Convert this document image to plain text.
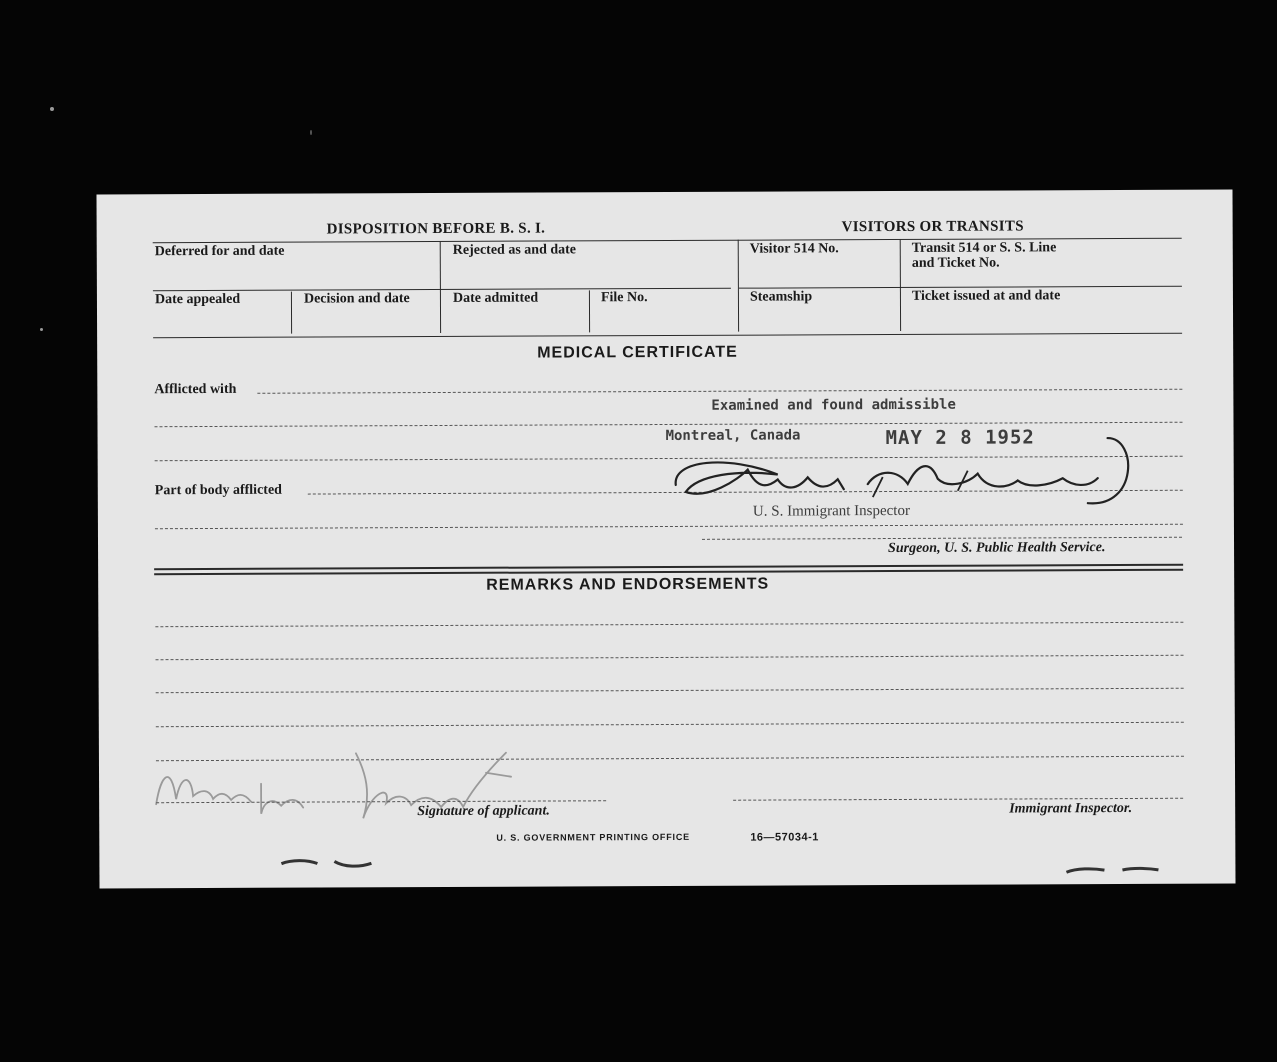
DISPOSITION BEFORE B. S. I.	VISITORS OR TRANSITS
Deferred for and date	Rejected as and date	Visitor 514 No.	Transit 514 or S. S. Line
and Ticket No.
Date appealed	Decision and date	Date admitted	File No.	Steamship	Ticket issued at and date
MEDICAL CERTIFICATE
Afflicted with
Part of body afflicted
Examined and found admissible
Montreal, Canada	MAY 2 8 1952
U. S. Immigrant Inspector
Surgeon, U. S. Public Health Service.
REMARKS AND ENDORSEMENTS
Signature of applicant.	Immigrant Inspector.
U. S. GOVERNMENT PRINTING OFFICE	16—57034-1
